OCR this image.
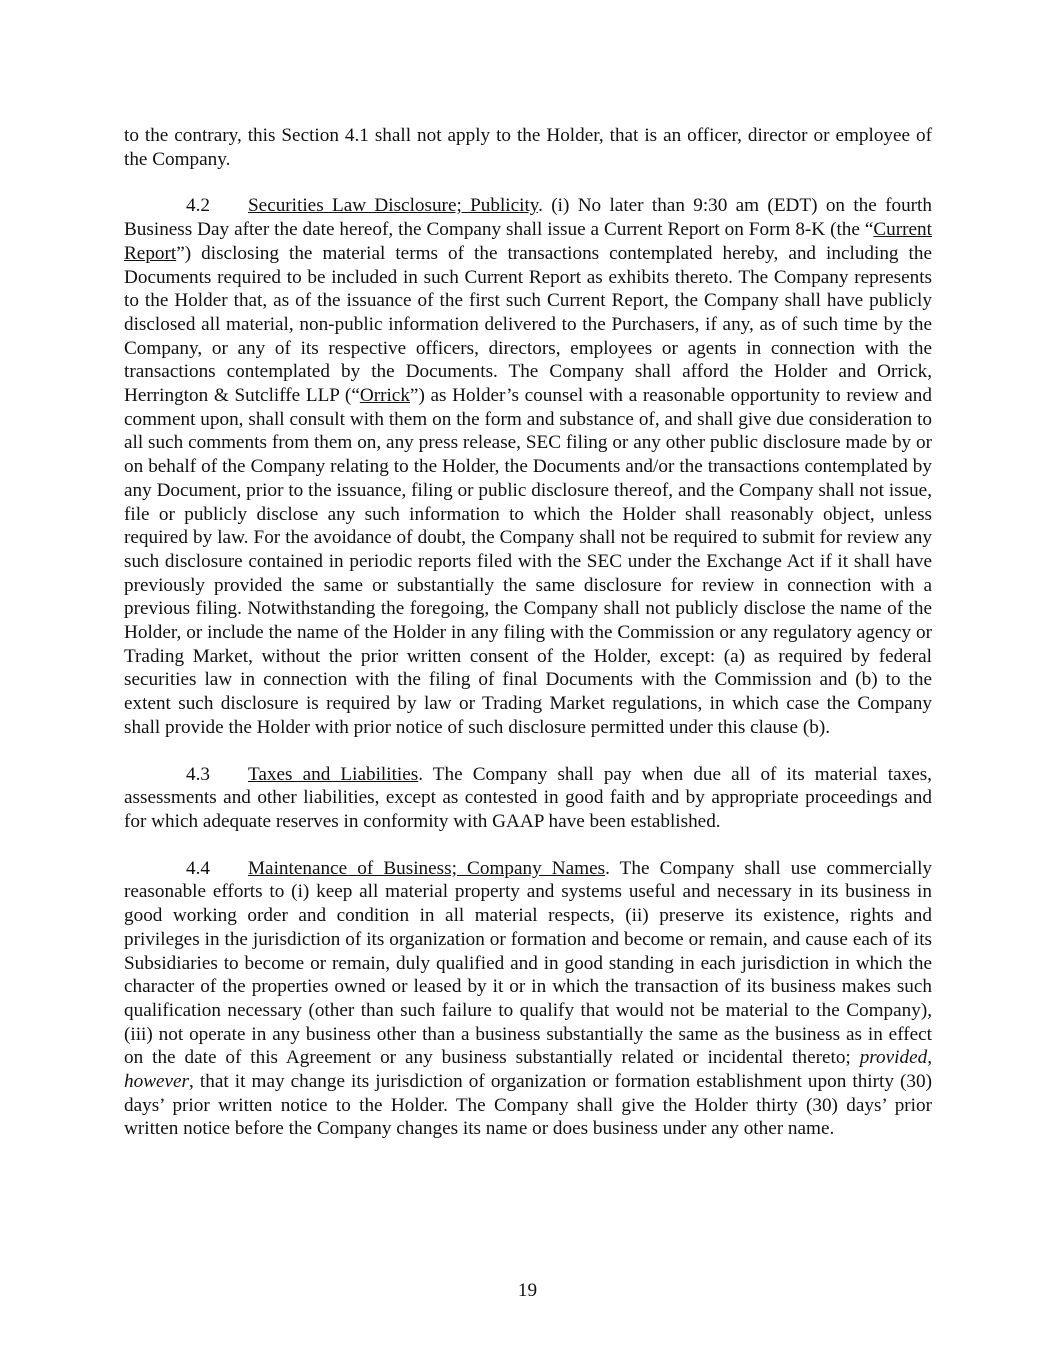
to the contrary, this Section 4.1 shall not apply to the Holder, that is an officer, director or employee of the Company.

4.2 Securities Law Disclosure; Publicity. (i) No later than 9:30 am (EDT) on the fourth Business Day after the date hereof, the Company shall issue a Current Report on Form 8-K (the “Current Report”) disclosing the material terms of the transactions contemplated hereby, and including the Documents required to be included in such Current Report as exhibits thereto. The Company represents to the Holder that, as of the issuance of the first such Current Report, the Company shall have publicly disclosed all material, non-public information delivered to the Purchasers, if any, as of such time by the Company, or any of its respective officers, directors, employees or agents in connection with the transactions contemplated by the Documents. The Company shall afford the Holder and Orrick, Herrington & Sutcliffe LLP (“Orrick”) as Holder’s counsel with a reasonable opportunity to review and comment upon, shall consult with them on the form and substance of, and shall give due consideration to all such comments from them on, any press release, SEC filing or any other public disclosure made by or on behalf of the Company relating to the Holder, the Documents and/or the transactions contemplated by any Document, prior to the issuance, filing or public disclosure thereof, and the Company shall not issue, file or publicly disclose any such information to which the Holder shall reasonably object, unless required by law. For the avoidance of doubt, the Company shall not be required to submit for review any such disclosure contained in periodic reports filed with the SEC under the Exchange Act if it shall have previously provided the same or substantially the same disclosure for review in connection with a previous filing. Notwithstanding the foregoing, the Company shall not publicly disclose the name of the Holder, or include the name of the Holder in any filing with the Commission or any regulatory agency or Trading Market, without the prior written consent of the Holder, except: (a) as required by federal securities law in connection with the filing of final Documents with the Commission and (b) to the extent such disclosure is required by law or Trading Market regulations, in which case the Company shall provide the Holder with prior notice of such disclosure permitted under this clause (b).

4.3 Taxes and Liabilities. The Company shall pay when due all of its material taxes, assessments and other liabilities, except as contested in good faith and by appropriate proceedings and for which adequate reserves in conformity with GAAP have been established.

4.4 Maintenance of Business; Company Names. The Company shall use commercially reasonable efforts to (i) keep all material property and systems useful and necessary in its business in good working order and condition in all material respects, (ii) preserve its existence, rights and privileges in the jurisdiction of its organization or formation and become or remain, and cause each of its Subsidiaries to become or remain, duly qualified and in good standing in each jurisdiction in which the character of the properties owned or leased by it or in which the transaction of its business makes such qualification necessary (other than such failure to qualify that would not be material to the Company), (iii) not operate in any business other than a business substantially the same as the business as in effect on the date of this Agreement or any business substantially related or incidental thereto; provided, however, that it may change its jurisdiction of organization or formation establishment upon thirty (30) days’ prior written notice to the Holder. The Company shall give the Holder thirty (30) days’ prior written notice before the Company changes its name or does business under any other name.

19
